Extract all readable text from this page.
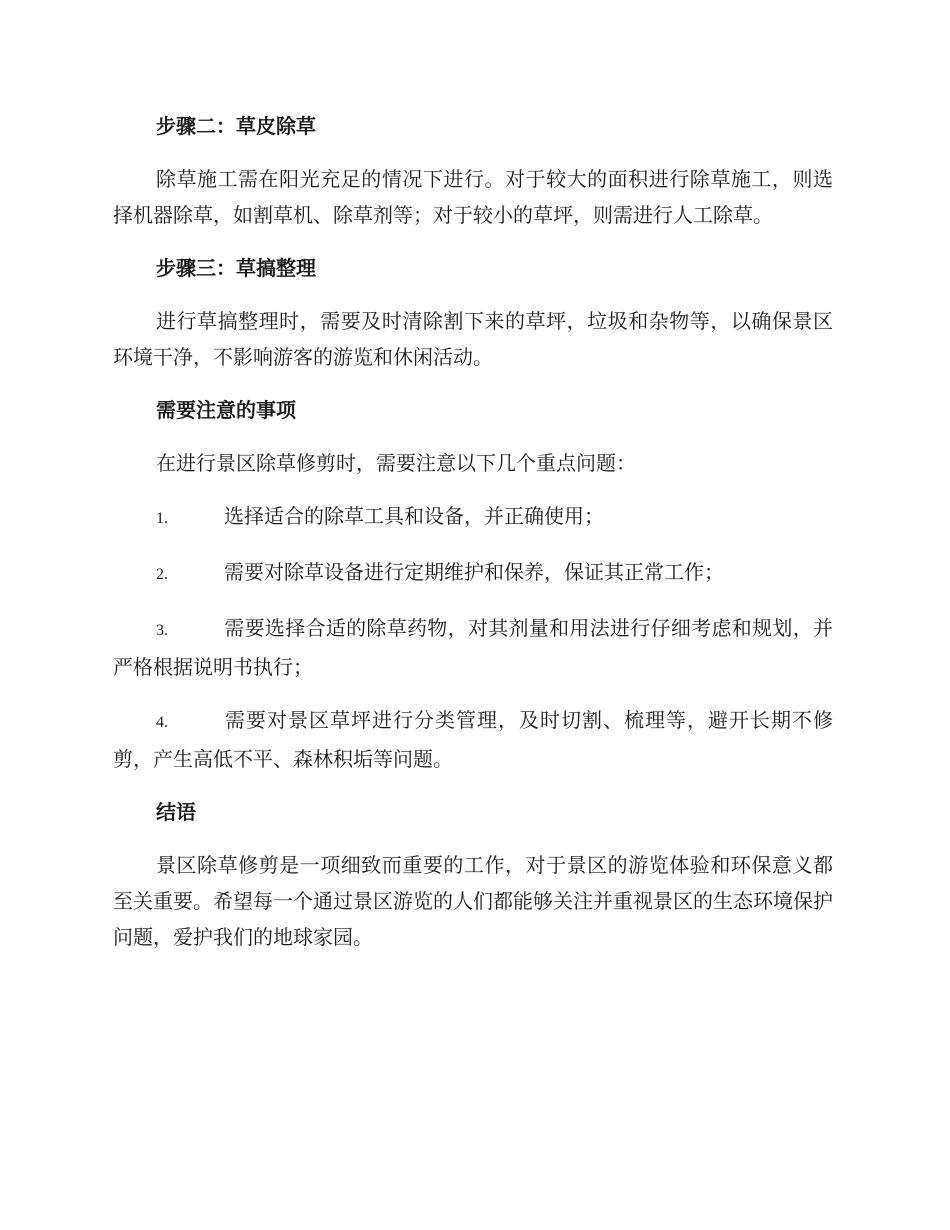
步骤二：草皮除草

除草施工需在阳光充足的情况下进行。对于较大的面积进行除草施工，则选择机器除草，如割草机、除草剂等；对于较小的草坪，则需进行人工除草。

步骤三：草搞整理

进行草搞整理时，需要及时清除割下来的草坪，垃圾和杂物等，以确保景区环境干净，不影响游客的游览和休闲活动。

需要注意的事项

在进行景区除草修剪时，需要注意以下几个重点问题：

1.	选择适合的除草工具和设备，并正确使用；
2.	需要对除草设备进行定期维护和保养，保证其正常工作；
3.	需要选择合适的除草药物，对其剂量和用法进行仔细考虑和规划，并严格根据说明书执行；
4.	需要对景区草坪进行分类管理，及时切割、梳理等，避开长期不修剪，产生高低不平、森林积垢等问题。
结语

景区除草修剪是一项细致而重要的工作，对于景区的游览体验和环保意义都至关重要。希望每一个通过景区游览的人们都能够关注并重视景区的生态环境保护问题，爱护我们的地球家园。
